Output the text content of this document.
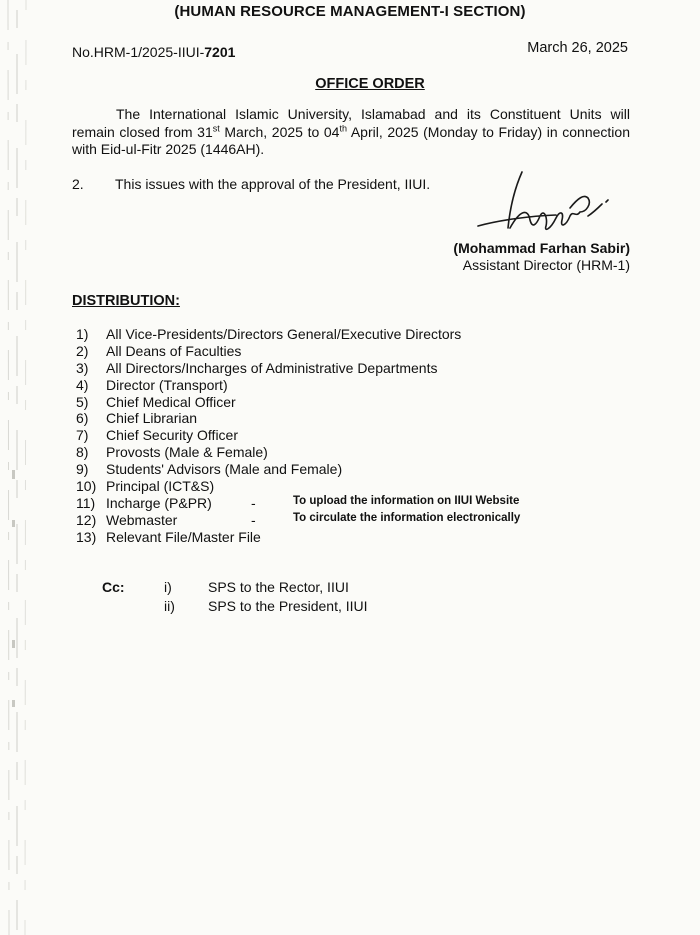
(HUMAN RESOURCE MANAGEMENT-I SECTION)
No.HRM-1/2025-IIUI-7201	March 26, 2025
OFFICE ORDER
The International Islamic University, Islamabad and its Constituent Units will remain closed from 31st March, 2025 to 04th April, 2025 (Monday to Friday) in connection with Eid-ul-Fitr 2025 (1446AH).
2. This issues with the approval of the President, IIUI.
(Mohammad Farhan Sabir)
Assistant Director (HRM-1)
DISTRIBUTION:
1) All Vice-Presidents/Directors General/Executive Directors
2) All Deans of Faculties
3) All Directors/Incharges of Administrative Departments
4) Director (Transport)
5) Chief Medical Officer
6) Chief Librarian
7) Chief Security Officer
8) Provosts (Male & Female)
9) Students' Advisors (Male and Female)
10) Principal (ICT&S)
11) Incharge (P&PR)	-	To upload the information on IIUI Website
12) Webmaster	-	To circulate the information electronically
13) Relevant File/Master File
Cc:	i)	SPS to the Rector, IIUI
ii) SPS to the President, IIUI
